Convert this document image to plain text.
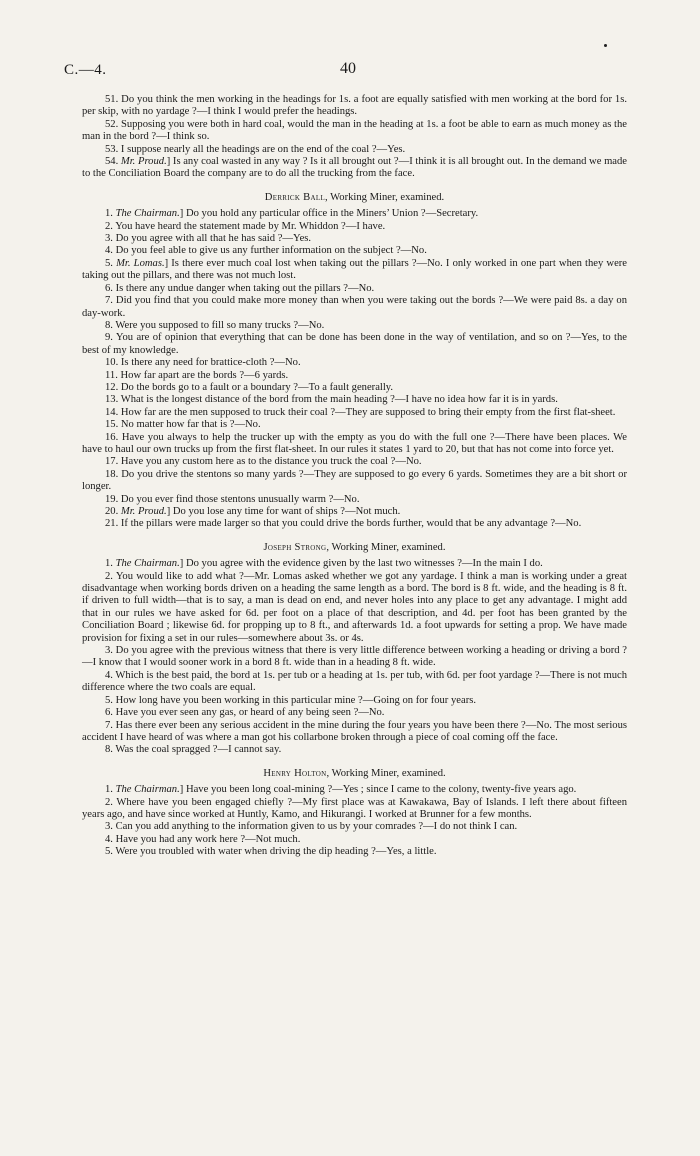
C.—4.	40

51. Do you think the men working in the headings for 1s. a foot are equally satisfied with men working at the bord for 1s. per skip, with no yardage ?—I think I would prefer the headings.

52. Supposing you were both in hard coal, would the man in the heading at 1s. a foot be able to earn as much money as the man in the bord ?—I think so.

53. I suppose nearly all the headings are on the end of the coal ?—Yes.

54. Mr. Proud.] Is any coal wasted in any way ? Is it all brought out ?—I think it is all brought out. In the demand we made to the Conciliation Board the company are to do all the trucking from the face.

Derrick Ball, Working Miner, examined.

1. The Chairman.] Do you hold any particular office in the Miners’ Union ?—Secretary.

2. You have heard the statement made by Mr. Whiddon ?—I have.

3. Do you agree with all that he has said ?—Yes.

4. Do you feel able to give us any further information on the subject ?—No.

5. Mr. Lomas.] Is there ever much coal lost when taking out the pillars ?—No. I only worked in one part when they were taking out the pillars, and there was not much lost.

6. Is there any undue danger when taking out the pillars ?—No.

7. Did you find that you could make more money than when you were taking out the bords ?—We were paid 8s. a day on day-work.

8. Were you supposed to fill so many trucks ?—No.

9. You are of opinion that everything that can be done has been done in the way of ventilation, and so on ?—Yes, to the best of my knowledge.

10. Is there any need for brattice-cloth ?—No.

11. How far apart are the bords ?—6 yards.

12. Do the bords go to a fault or a boundary ?—To a fault generally.

13. What is the longest distance of the bord from the main heading ?—I have no idea how far it is in yards.

14. How far are the men supposed to truck their coal ?—They are supposed to bring their empty from the first flat-sheet.

15. No matter how far that is ?—No.

16. Have you always to help the trucker up with the empty as you do with the full one ?—There have been places. We have to haul our own trucks up from the first flat-sheet. In our rules it states 1 yard to 20, but that has not come into force yet.

17. Have you any custom here as to the distance you truck the coal ?—No.

18. Do you drive the stentons so many yards ?—They are supposed to go every 6 yards. Sometimes they are a bit short or longer.

19. Do you ever find those stentons unusually warm ?—No.

20. Mr. Proud.] Do you lose any time for want of ships ?—Not much.

21. If the pillars were made larger so that you could drive the bords further, would that be any advantage ?—No.

Joseph Strong, Working Miner, examined.

1. The Chairman.] Do you agree with the evidence given by the last two witnesses ?—In the main I do.

2. You would like to add what ?—Mr. Lomas asked whether we got any yardage. I think a man is working under a great disadvantage when working bords driven on a heading the same length as a bord. The bord is 8 ft. wide, and the heading is 8 ft. if driven to full width—that is to say, a man is dead on end, and never holes into any place to get any advantage. I might add that in our rules we have asked for 6d. per foot on a place of that description, and 4d. per foot has been granted by the Conciliation Board ; likewise 6d. for propping up to 8 ft., and afterwards 1d. a foot upwards for setting a prop. We have made provision for fixing a set in our rules—somewhere about 3s. or 4s.

3. Do you agree with the previous witness that there is very little difference between working a heading or driving a bord ?—I know that I would sooner work in a bord 8 ft. wide than in a heading 8 ft. wide.

4. Which is the best paid, the bord at 1s. per tub or a heading at 1s. per tub, with 6d. per foot yardage ?—There is not much difference where the two coals are equal.

5. How long have you been working in this particular mine ?—Going on for four years.

6. Have you ever seen any gas, or heard of any being seen ?—No.

7. Has there ever been any serious accident in the mine during the four years you have been there ?—No. The most serious accident I have heard of was where a man got his collarbone broken through a piece of coal coming off the face.

8. Was the coal spragged ?—I cannot say.

Henry Holton, Working Miner, examined.

1. The Chairman.] Have you been long coal-mining ?—Yes ; since I came to the colony, twenty-five years ago.

2. Where have you been engaged chiefly ?—My first place was at Kawakawa, Bay of Islands. I left there about fifteen years ago, and have since worked at Huntly, Kamo, and Hikurangi. I worked at Brunner for a few months.

3. Can you add anything to the information given to us by your comrades ?—I do not think I can.

4. Have you had any work here ?—Not much.

5. Were you troubled with water when driving the dip heading ?—Yes, a little.
